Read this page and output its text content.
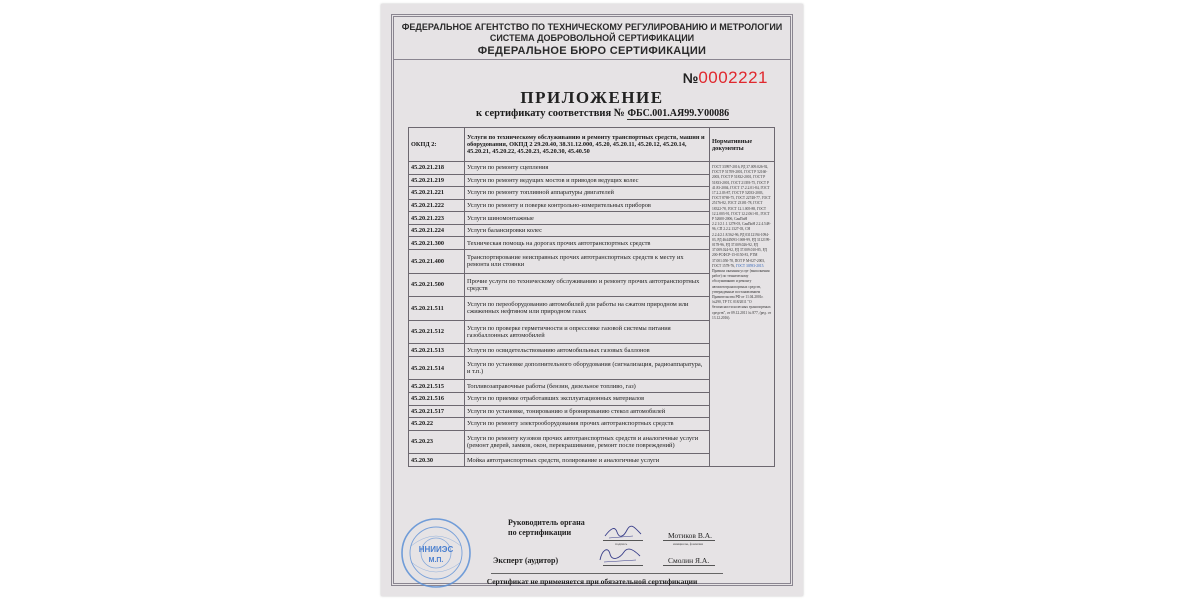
ФЕДЕРАЛЬНОЕ АГЕНТСТВО ПО ТЕХНИЧЕСКОМУ РЕГУЛИРОВАНИЮ И МЕТРОЛОГИИ
СИСТЕМА ДОБРОВОЛЬНОЙ СЕРТИФИКАЦИИ
ФЕДЕРАЛЬНОЕ БЮРО СЕРТИФИКАЦИИ
№0002221
ПРИЛОЖЕНИЕ
к сертификату соответствия № ФБС.001.АЯ99.У00086
ОКПД 2:	Услуги по техническому обслуживанию и ремонту транспортных средств, машин и оборудования, ОКПД 2 29.20.40, 38.31.12.000, 45.20, 45.20.11, 45.20.12, 45.20.14, 45.20.21, 45.20.22, 45.20.23, 45.20.30, 45.40.50	Нормативные документы
45.20.21.218	Услуги по ремонту сцепления	ГОСТ 33997-2016, РД 37.009.026-92, ГОСТ Р 51709-2001, ГОСТ Р 52160-2003, ГОСТ Р 51832-2001, ГОСТ Р 51833-2001, ГОСТ 21393-75, ГОСТ Р 41.83-2004, ГОСТ 17.2.2.01-84, ГОСТ 17.2.2.03-87, ГОСТ Р 52033-2003, ГОСТ 8769-75, ГОСТ 22748-77, ГОСТ 25176-82, ГОСТ 23181-78, ГОСТ 18322-78, ГОСТ 12.1.005-88, ГОСТ 12.2.003-91, ГОСТ 12.2.061-81, ГОСТ Р 52600-2006, СанПиН 2.2.1/2.1.1.1278-03, СанПиН 2.2.4.548-96, СП 2.2.2.1327-03, СН 2.2.4/2.1.8.562-96, РД 03112194-1094-03, РД 46445093-1069-99, РД 3112199-0178-96, РД 37.009.026-92, РД 37.009.024-92, РД 37.009.010-85, РД 200-РСФСР-15-0150-81, РТМ 37.001.050-78, ПОТ Р М-027-2003, ГОСТ 1578-76, ГОСТ 30593-2015. Правила оказания услуг (выполнения работ) по техническому обслуживанию и ремонту автомототранспортных средств, утвержденные постановлением Правительства РФ от 11.04.2001г. №290, ТР ТС 018/2011 "О безопасности колесных транспортных средств", от 09.12.2011 № 877, (ред. от 13.12.2016).
45.20.21.219	Услуги по ремонту ведущих мостов и приводов ведущих колес	
45.20.21.221	Услуги по ремонту топливной аппаратуры двигателей	
45.20.21.222	Услуги по ремонту и поверке контрольно-измерительных приборов	
45.20.21.223	Услуги шиномонтажные	
45.20.21.224	Услуги балансировки колес	
45.20.21.300	Техническая помощь на дорогах прочих автотранспортных средств	
45.20.21.400	Транспортирование неисправных прочих автотранспортных средств к месту их ремонта или стоянки	
45.20.21.500	Прочие услуги по техническому обслуживанию и ремонту прочих автотранспортных средств	
45.20.21.511	Услуги по переоборудованию автомобилей для работы на сжатом природном или сжиженных нефтяном или природном газах	
45.20.21.512	Услуги по проверке герметичности и опрессовке газовой системы питания газобаллонных автомобилей	
45.20.21.513	Услуги по освидетельствованию автомобильных газовых баллонов	
45.20.21.514	Услуги по установке дополнительного оборудования (сигнализация, радиоаппаратура, и т.п.)	
45.20.21.515	Топливозаправочные работы (бензин, дизельное топливо, газ)	
45.20.21.516	Услуги по приемке отработавших эксплуатационных материалов	
45.20.21.517	Услуги по установке, тонированию и бронированию стекол автомобилей	
45.20.22	Услуги по ремонту электрооборудования прочих автотранспортных средств	
45.20.23	Услуги по ремонту кузовов прочих автотранспортных средств и аналогичные услуги (ремонт дверей, замков, окон, перекрашивание, ремонт после повреждений)	
45.20.30	Мойка автотранспортных средств, полирование и аналогичные услуги	
ННИИЭС
М.П.
Руководитель органа
по сертификации	Мотиков В.А.
подпись	инициалы, фамилия
Эксперт (аудитор)	Смолин Я.А.
Сертификат не применяется при обязательной сертификации
